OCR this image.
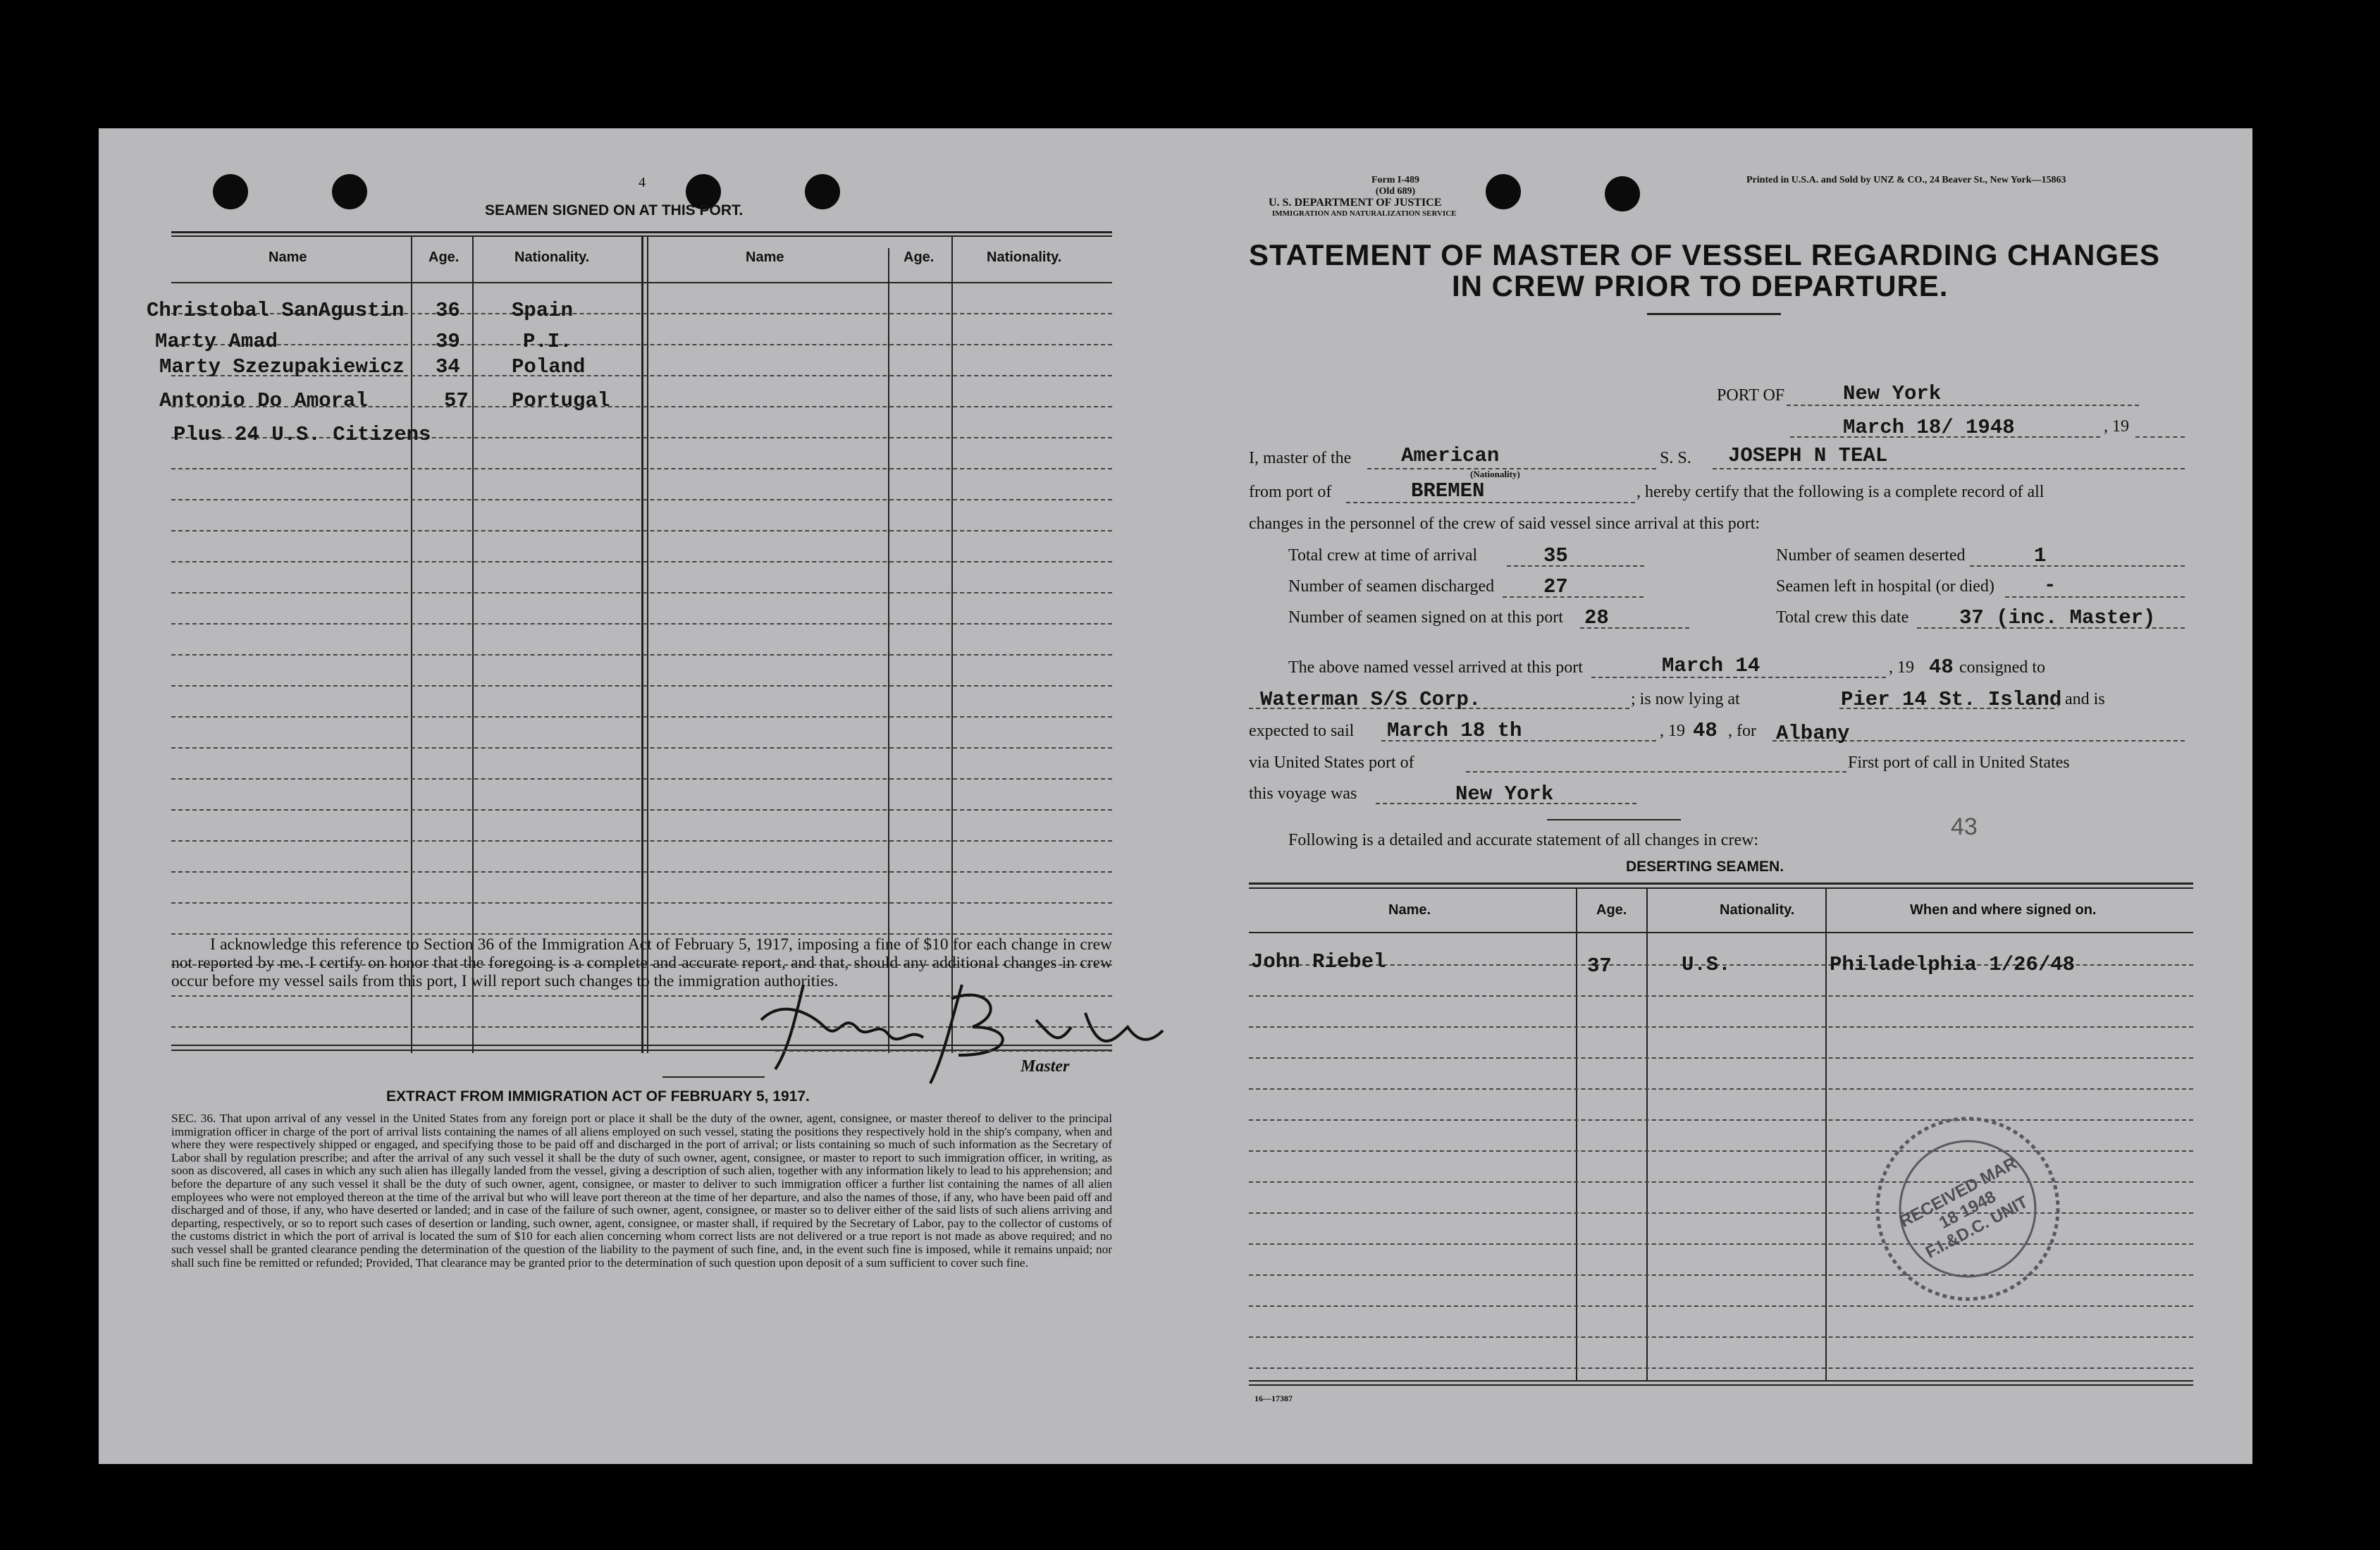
4
SEAMEN SIGNED ON AT THIS PORT.
Name	Age.	Nationality.	Name	Age.	Nationality.
Christobal SanAgustin 36	Spain
Marty Amad	39	P.I.
Marty Szezupakiewicz 34	Poland
Antonio Do Amoral	57 Portugal
Plus 24 U.S. Citizens
I acknowledge this reference to Section 36 of the Immigration Act of February 5, 1917, imposing a fine of $10 for each change in crew not reported by me. I certify on honor that the foregoing is a complete and accurate report, and that, should any additional changes in crew occur before my vessel sails from this port, I will report such changes to the immigration authorities.
Master
EXTRACT FROM IMMIGRATION ACT OF FEBRUARY 5, 1917.
SEC. 36. That upon arrival of any vessel in the United States from any foreign port or place it shall be the duty of the owner, agent, consignee, or master thereof to deliver to the principal immigration officer in charge of the port of arrival lists containing the names of all aliens employed on such vessel, stating the positions they respectively hold in the ship's company, when and where they were respectively shipped or engaged, and specifying those to be paid off and discharged in the port of arrival; or lists containing so much of such information as the Secretary of Labor shall by regulation prescribe; and after the arrival of any such vessel it shall be the duty of such owner, agent, consignee, or master to report to such immigration officer, in writing, as soon as discovered, all cases in which any such alien has illegally landed from the vessel, giving a description of such alien, together with any information likely to lead to his apprehension; and before the departure of any such vessel it shall be the duty of such owner, agent, consignee, or master to deliver to such immigration officer a further list containing the names of all alien employees who were not employed thereon at the time of the arrival but who will leave port thereon at the time of her departure, and also the names of those, if any, who have been paid off and discharged and of those, if any, who have deserted or landed; and in case of the failure of such owner, agent, consignee, or master so to deliver either of the said lists of such aliens arriving and departing, respectively, or so to report such cases of desertion or landing, such owner, agent, consignee, or master shall, if required by the Secretary of Labor, pay to the collector of customs of the customs district in which the port of arrival is located the sum of $10 for each alien concerning whom correct lists are not delivered or a true report is not made as above required; and no such vessel shall be granted clearance pending the determination of the question of the liability to the payment of such fine, and, in the event such fine is imposed, while it remains unpaid; nor shall such fine be remitted or refunded; Provided, That clearance may be granted prior to the determination of such question upon deposit of a sum sufficient to cover such fine.
Form I-489
(Old 689)
U. S. DEPARTMENT OF JUSTICE
IMMIGRATION AND NATURALIZATION SERVICE
Printed in U.S.A. and Sold by UNZ & CO., 24 Beaver St., New York—15863
STATEMENT OF MASTER OF VESSEL REGARDING CHANGES
IN CREW PRIOR TO DEPARTURE.
PORT OF	New York
March 18/ 1948	, 19
I, master of the American
(Nationality)
S. S. JOSEPH N TEAL
from port of	BREMEN	, hereby certify that the following is a complete record of all
changes in the personnel of the crew of said vessel since arrival at this port:
Total crew at time of arrival	35	Number of seamen deserted	1
Number of seamen discharged 27	Seamen left in hospital (or died) -
Number of seamen signed on at this port 28	Total crew this date 37 (inc. Master)
The above named vessel arrived at this port	March 14	, 19 48 consigned to
Waterman S/S Corp.	; is now lying at	Pier 14 St. Island
, and is
expected to sail March 18 th	, 19 48 , for Albany
via United States port of	First port of call in United States
this voyage was	New York
Following is a detailed and accurate statement of all changes in crew:	43
DESERTING SEAMEN.
Name.	Age.	Nationality.	When and where signed on.
John Riebel	37	U.S.	Philadelphia 1/26/48
RECEIVED MAR 18 1948 F.I.&D.C. UNIT
16—17387
